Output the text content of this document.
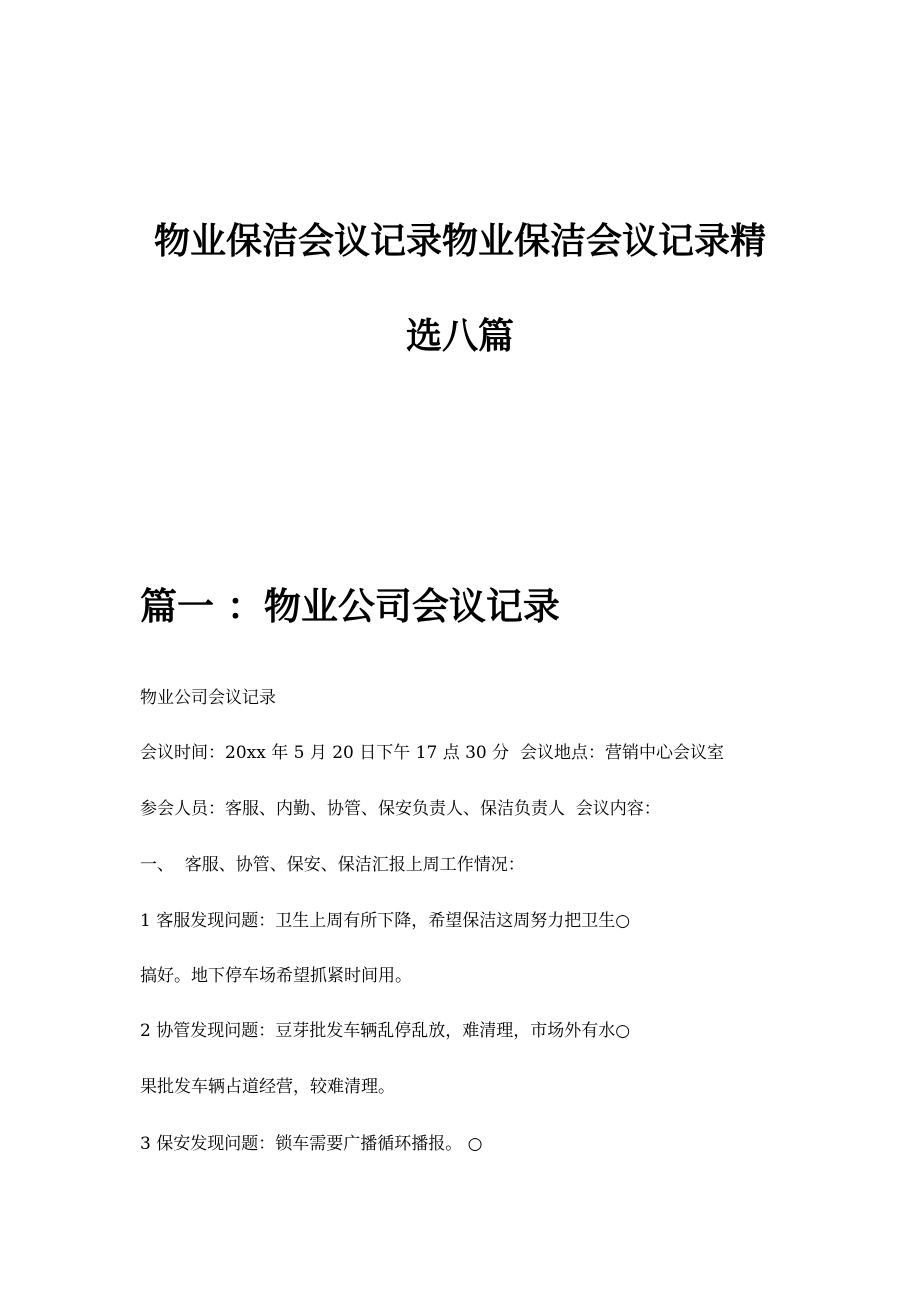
物业保洁会议记录物业保洁会议记录精
选八篇
篇一 ：物业公司会议记录
物业公司会议记录
会议时间：20xx 年 5 月 20 日下午 17 点 30 分  会议地点：营销中心会议室
参会人员：客服、内勤、协管、保安负责人、保洁负责人  会议内容：
一、  客服、协管、保安、保洁汇报上周工作情况：
1 客服发现问题：卫生上周有所下降，希望保洁这周努力把卫生○
搞好。地下停车场希望抓紧时间用。
2 协管发现问题：豆芽批发车辆乱停乱放，难清理，市场外有水○
果批发车辆占道经营，较难清理。
3 保安发现问题：锁车需要广播循环播报。 ○
